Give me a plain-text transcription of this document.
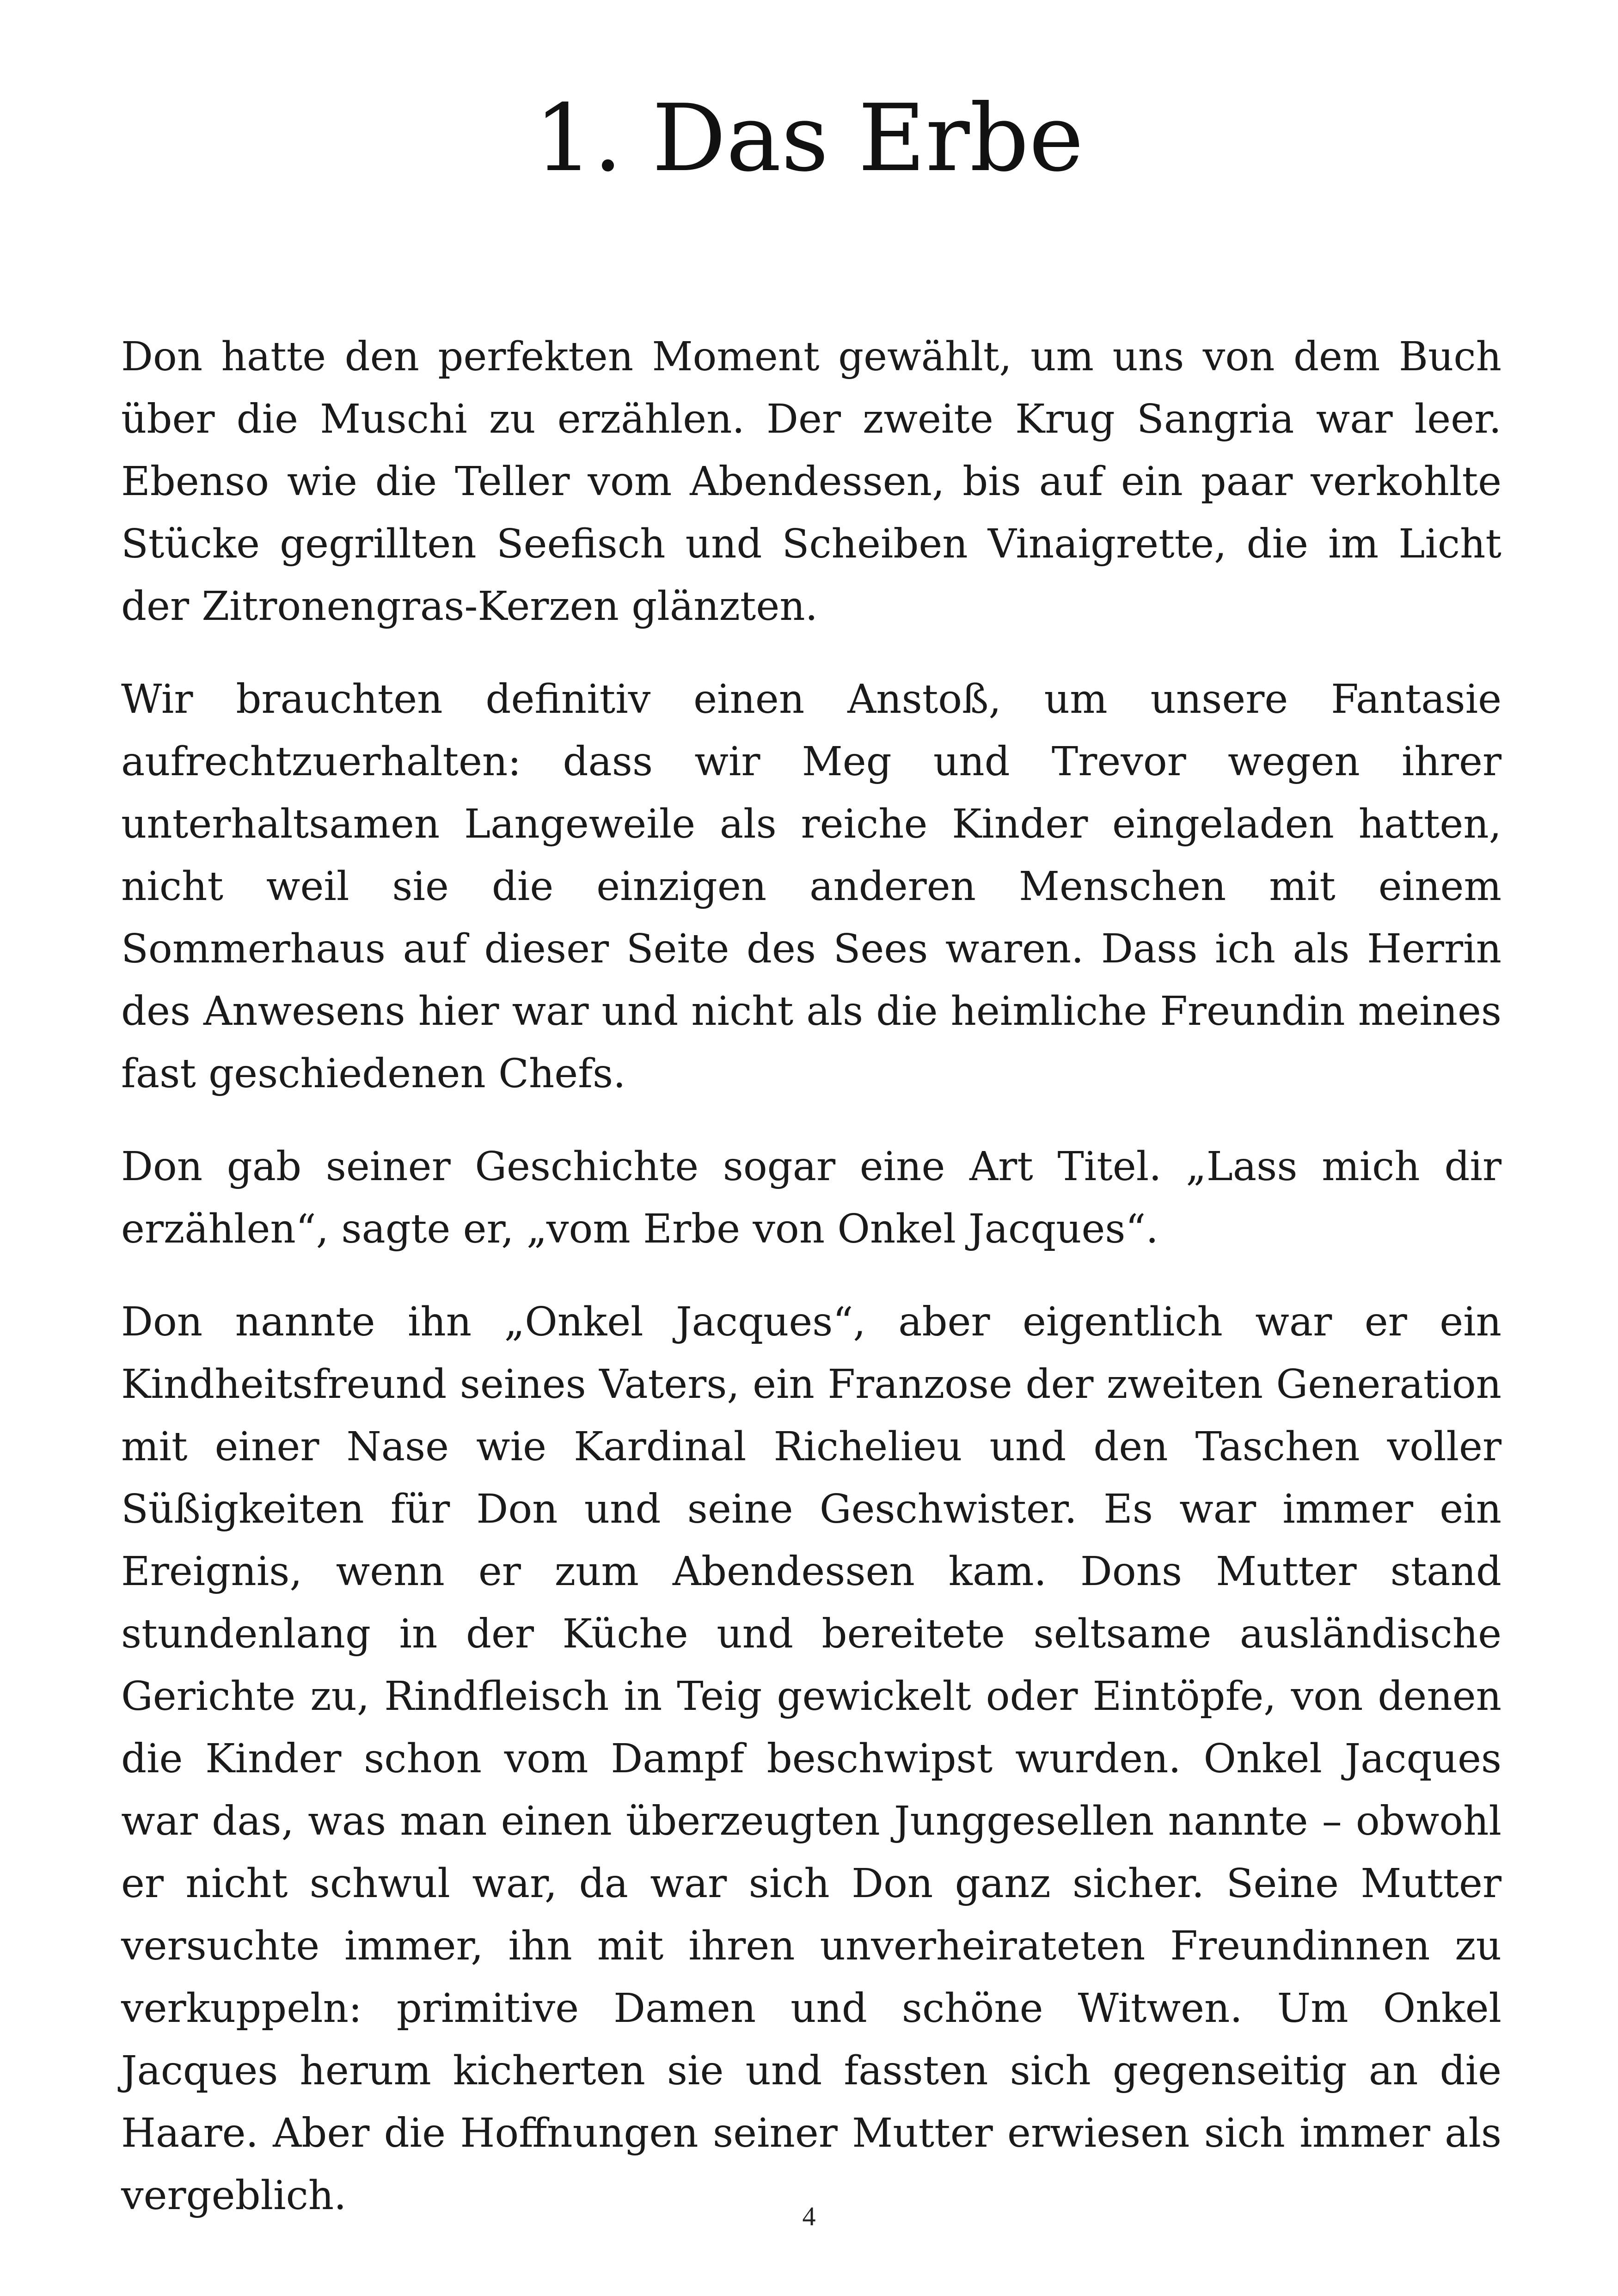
1. Das Erbe

Don hatte den perfekten Moment gewählt, um uns von dem Buch über die Muschi zu erzählen. Der zweite Krug Sangria war leer. Ebenso wie die Teller vom Abendessen, bis auf ein paar verkohlte Stücke gegrillten Seefisch und Scheiben Vinaigrette, die im Licht der Zitronengras-Kerzen glänzten.

Wir brauchten definitiv einen Anstoß, um unsere Fantasie aufrechtzuerhalten: dass wir Meg und Trevor wegen ihrer unterhaltsamen Langeweile als reiche Kinder eingeladen hatten, nicht weil sie die einzigen anderen Menschen mit einem Sommerhaus auf dieser Seite des Sees waren. Dass ich als Herrin des Anwesens hier war und nicht als die heimliche Freundin meines fast geschiedenen Chefs.

Don gab seiner Geschichte sogar eine Art Titel. „Lass mich dir erzählen“, sagte er, „vom Erbe von Onkel Jacques“.

Don nannte ihn „Onkel Jacques“, aber eigentlich war er ein Kindheitsfreund seines Vaters, ein Franzose der zweiten Generation mit einer Nase wie Kardinal Richelieu und den Taschen voller Süßigkeiten für Don und seine Geschwister. Es war immer ein Ereignis, wenn er zum Abendessen kam. Dons Mutter stand stundenlang in der Küche und bereitete seltsame ausländische Gerichte zu, Rindfleisch in Teig gewickelt oder Eintöpfe, von denen die Kinder schon vom Dampf beschwipst wurden. Onkel Jacques war das, was man einen überzeugten Junggesellen nannte – obwohl er nicht schwul war, da war sich Don ganz sicher. Seine Mutter versuchte immer, ihn mit ihren unverheirateten Freundinnen zu verkuppeln: primitive Damen und schöne Witwen. Um Onkel Jacques herum kicherten sie und fassten sich gegenseitig an die Haare. Aber die Hoffnungen seiner Mutter erwiesen sich immer als vergeblich.	4
